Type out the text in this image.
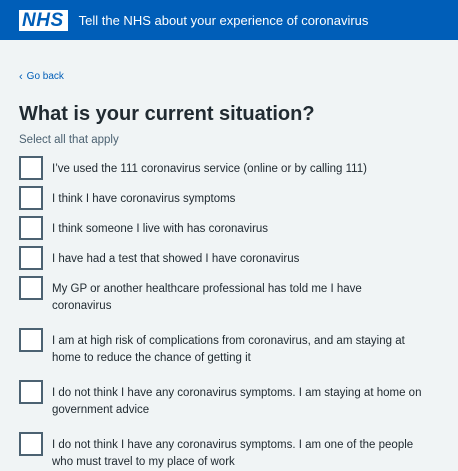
NHS	Tell the NHS about your experience of coronavirus
‹ Go back
What is your current situation?
Select all that apply
I’ve used the 111 coronavirus service (online or by calling 111)
I think I have coronavirus symptoms
I think someone I live with has coronavirus
I have had a test that showed I have coronavirus
My GP or another healthcare professional has told me I have coronavirus
I am at high risk of complications from coronavirus, and am staying at home to reduce the chance of getting it
I do not think I have any coronavirus symptoms. I am staying at home on government advice
I do not think I have any coronavirus symptoms. I am one of the people who must travel to my place of work
